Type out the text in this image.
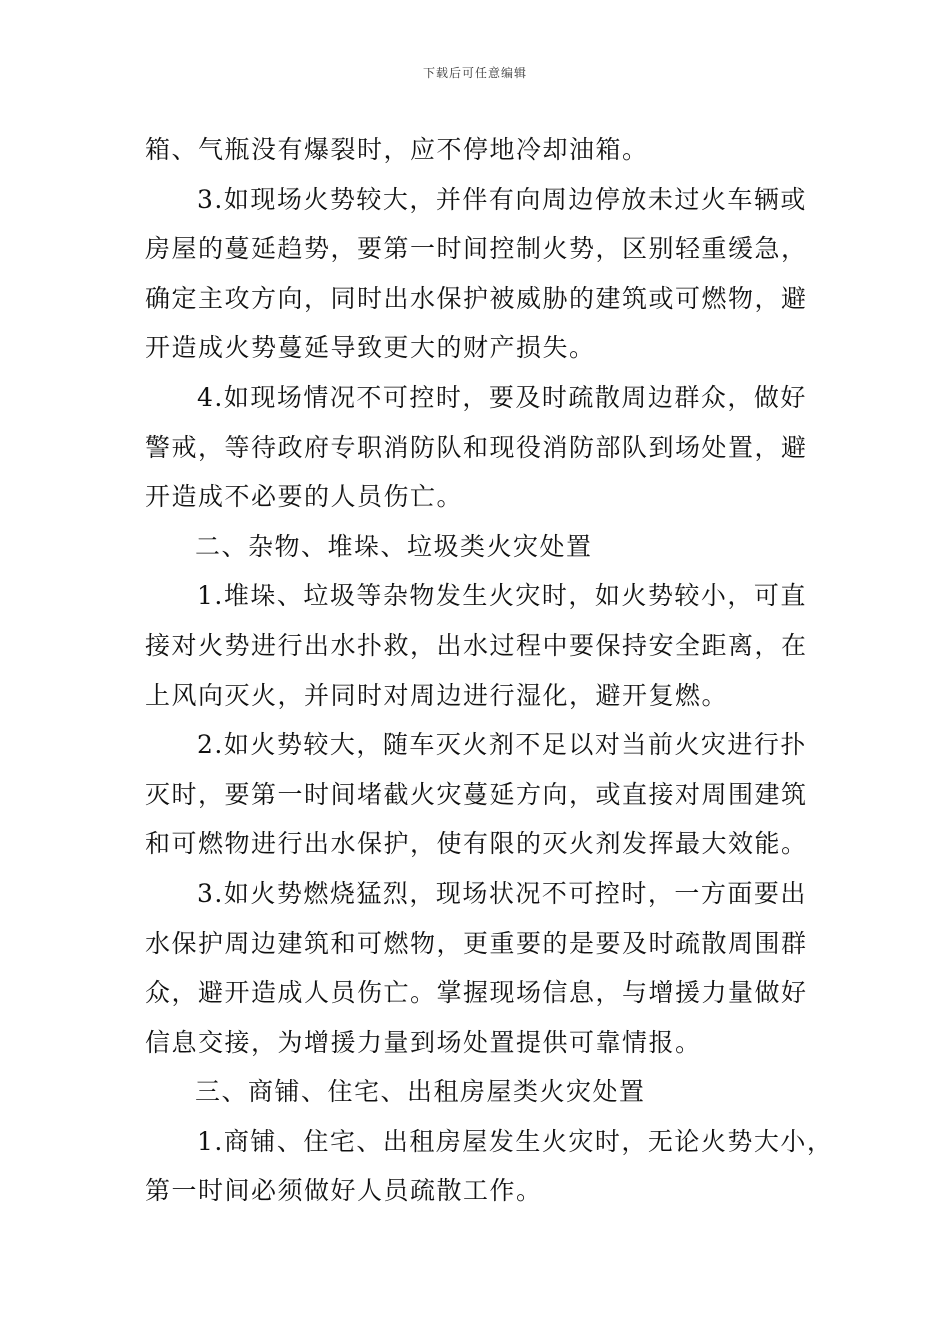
下载后可任意编辑
箱、气瓶没有爆裂时，应不停地冷却油箱。
3.如现场火势较大，并伴有向周边停放未过火车辆或
房屋的蔓延趋势，要第一时间控制火势，区别轻重缓急，
确定主攻方向，同时出水保护被威胁的建筑或可燃物，避
开造成火势蔓延导致更大的财产损失。
4.如现场情况不可控时，要及时疏散周边群众，做好
警戒，等待政府专职消防队和现役消防部队到场处置，避
开造成不必要的人员伤亡。
二、杂物、堆垛、垃圾类火灾处置
1.堆垛、垃圾等杂物发生火灾时，如火势较小，可直
接对火势进行出水扑救，出水过程中要保持安全距离，在
上风向灭火，并同时对周边进行湿化，避开复燃。
2.如火势较大，随车灭火剂不足以对当前火灾进行扑
灭时，要第一时间堵截火灾蔓延方向，或直接对周围建筑
和可燃物进行出水保护，使有限的灭火剂发挥最大效能。
3.如火势燃烧猛烈，现场状况不可控时，一方面要出
水保护周边建筑和可燃物，更重要的是要及时疏散周围群
众，避开造成人员伤亡。掌握现场信息，与增援力量做好
信息交接，为增援力量到场处置提供可靠情报。
三、商铺、住宅、出租房屋类火灾处置
1.商铺、住宅、出租房屋发生火灾时，无论火势大小，
第一时间必须做好人员疏散工作。
